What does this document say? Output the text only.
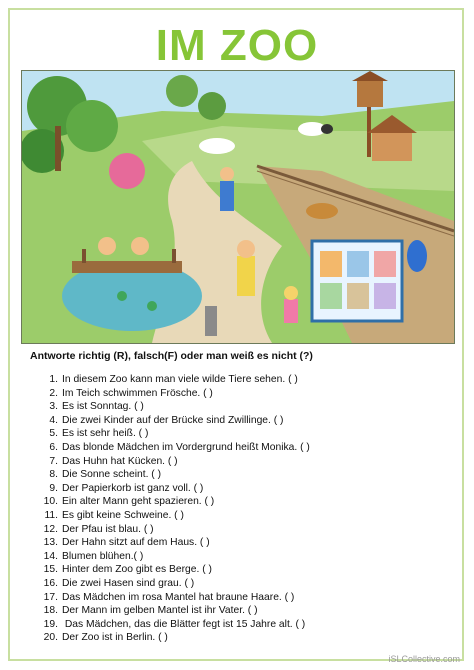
IM ZOO
Antworte richtig (R), falsch(F) oder man weiß es nicht (?)
1. In diesem Zoo kann man viele wilde Tiere sehen. ( )
2. Im Teich schwimmen Frösche. ( )
3. Es ist Sonntag. ( )
4. Die zwei Kinder auf der Brücke sind Zwillinge. ( )
5. Es ist sehr heiß. ( )
6. Das blonde Mädchen im Vordergrund heißt Monika. ( )
7. Das Huhn hat Kücken. ( )
8. Die Sonne scheint. ( )
9. Der Papierkorb ist ganz voll. ( )
10. Ein alter Mann geht spazieren. ( )
11. Es gibt keine Schweine. ( )
12. Der Pfau ist blau. ( )
13. Der Hahn sitzt auf dem Haus. ( )
14. Blumen blühen.( )
15. Hinter dem Zoo gibt es Berge. ( )
16. Die zwei Hasen sind grau. ( )
17. Das Mädchen im rosa Mantel hat braune Haare. ( )
18. Der Mann im gelben Mantel ist ihr Vater. ( )
19. Das Mädchen, das die Blätter fegt ist 15 Jahre alt. ( )
20. Der Zoo ist in Berlin. ( )
iSLCollective.com
